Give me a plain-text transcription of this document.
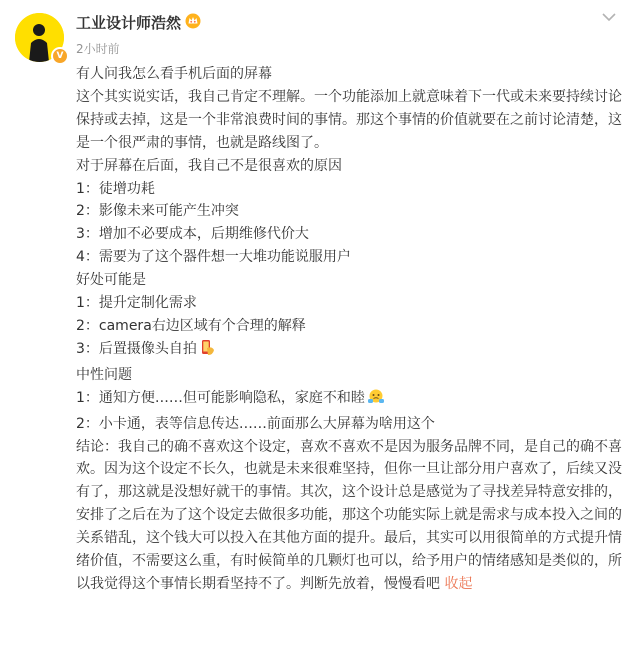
V
工业设计师浩然
2小时前

有人问我怎么看手机后面的屏幕

这个其实说实话，我自己肯定不理解。一个功能添加上就意味着下一代或未来要持续讨论保持或去掉，这是一个非常浪费时间的事情。那这个事情的价值就要在之前讨论清楚，这是一个很严肃的事情，也就是路线图了。

对于屏幕在后面，我自己不是很喜欢的原因

1：徒增功耗

2：影像未来可能产生冲突

3：增加不必要成本，后期维修代价大

4：需要为了这个器件想一大堆功能说服用户

好处可能是

1：提升定制化需求

2：camera右边区域有个合理的解释

3：后置摄像头自拍

中性问题

1：通知方便……但可能影响隐私，家庭不和睦

2：小卡通，表等信息传达……前面那么大屏幕为啥用这个

结论：我自己的确不喜欢这个设定，喜欢不喜欢不是因为服务品牌不同，是自己的确不喜欢。因为这个设定不长久，也就是未来很难坚持，但你一旦让部分用户喜欢了，后续又没有了，那这就是没想好就干的事情。其次，这个设计总是感觉为了寻找差异特意安排的，安排了之后在为了这个设定去做很多功能，那这个功能实际上就是需求与成本投入之间的关系错乱，这个钱大可以投入在其他方面的提升。最后，其实可以用很简单的方式提升情绪价值，不需要这么重，有时候简单的几颗灯也可以，给予用户的情绪感知是类似的，所以我觉得这个事情长期看坚持不了。判断先放着，慢慢看吧 收起
